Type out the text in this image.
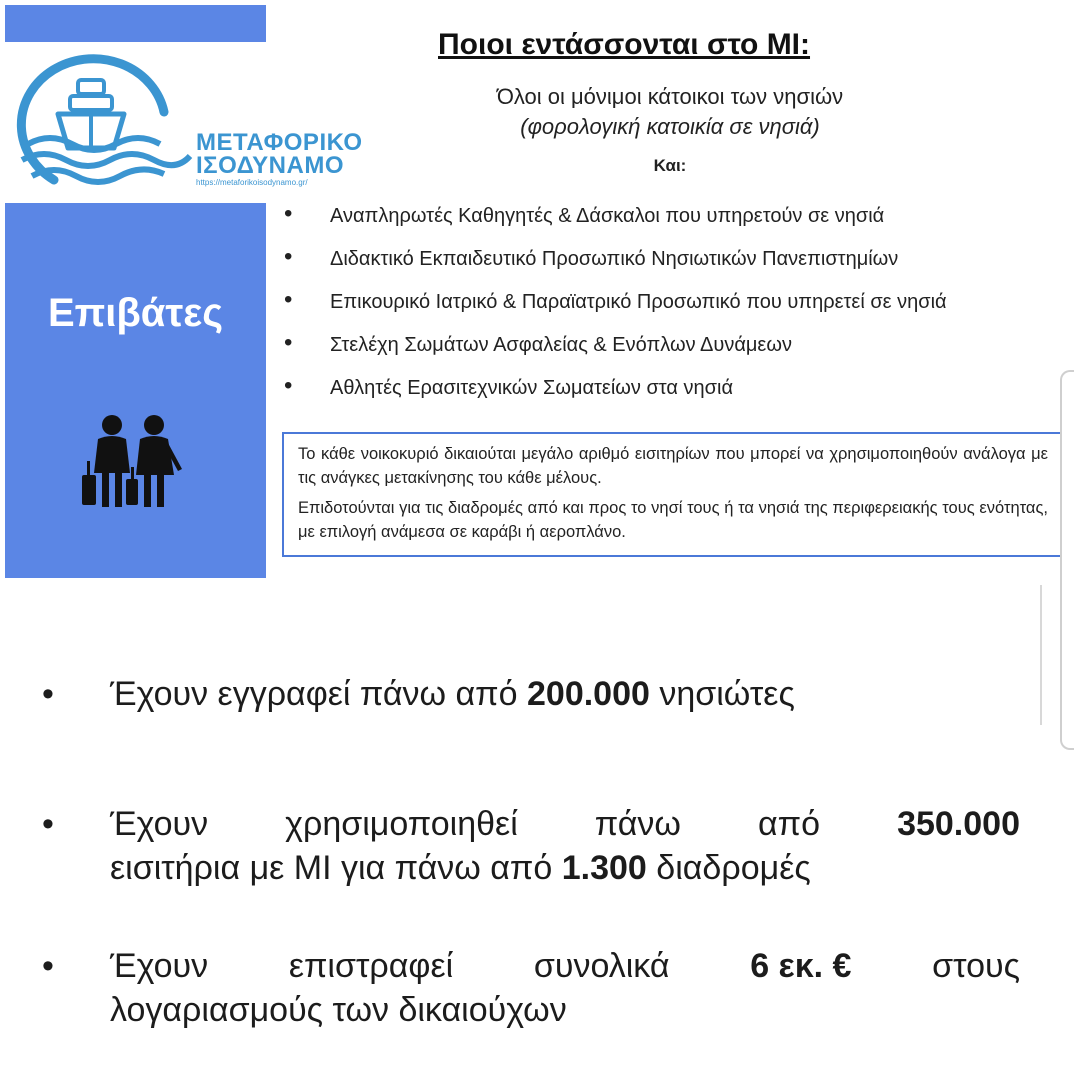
ΜΕΤΑΦΟΡΙΚΟ
ΙΣΟΔΥΝΑΜΟ
https://metaforikoisodynamo.gr/
Επιβάτες
Ποιοι εντάσσονται στο ΜΙ:
Όλοι οι μόνιμοι κάτοικοι των νησιών
(φορολογική κατοικία σε νησιά)
Και:
• Αναπληρωτές Καθηγητές & Δάσκαλοι που υπηρετούν σε νησιά
• Διδακτικό Εκπαιδευτικό Προσωπικό Νησιωτικών Πανεπιστημίων
• Επικουρικό Ιατρικό & Παραϊατρικό Προσωπικό που υπηρετεί σε νησιά
• Στελέχη Σωμάτων Ασφαλείας & Ενόπλων Δυνάμεων
• Αθλητές Ερασιτεχνικών Σωματείων στα νησιά

Το κάθε νοικοκυριό δικαιούται μεγάλο αριθμό εισιτηρίων που μπορεί να χρησιμοποιηθούν ανάλογα με τις ανάγκες μετακίνησης του κάθε μέλους.

Επιδοτούνται για τις διαδρομές από και προς το νησί τους ή τα νησιά της περιφερειακής τους ενότητας, με επιλογή ανάμεσα σε καράβι ή αεροπλάνο.

• Έχουν εγγραφεί πάνω από 200.000 νησιώτες
• Έχουν χρησιμοποιηθεί πάνω από 350.000
εισιτήρια με ΜΙ για πάνω από 1.300 διαδρομές
• Έχουν επιστραφεί συνολικά 6 εκ. € στους
λογαριασμούς των δικαιούχων
